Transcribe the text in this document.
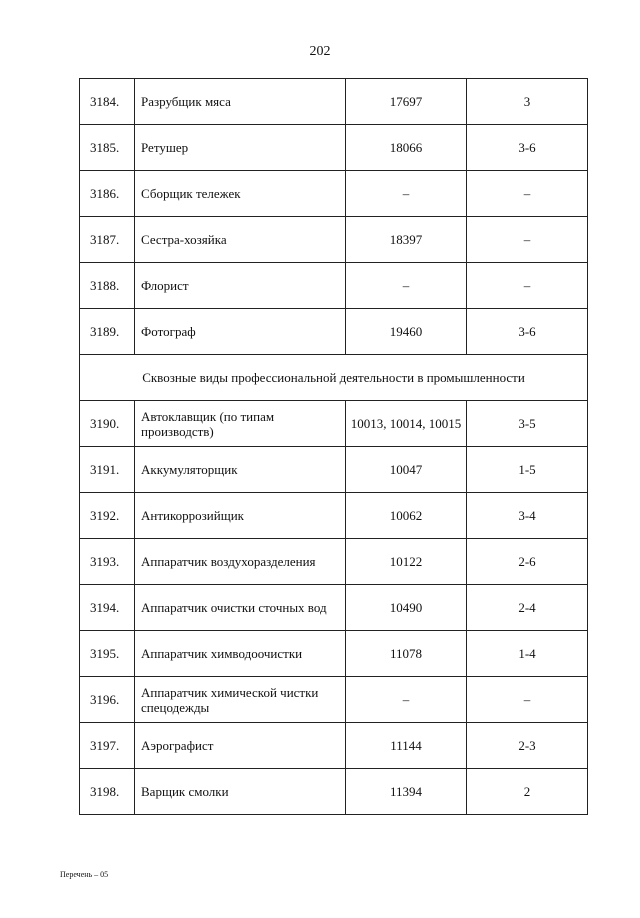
202
3184.	Разрубщик мяса	17697	3
3185.	Ретушер	18066	3-6
3186.	Сборщик тележек	–	–
3187.	Сестра-хозяйка	18397	–
3188.	Флорист	–	–
3189.	Фотограф	19460	3-6
Сквозные виды профессиональной деятельности в промышленности			
3190.	Автоклавщик (по типам производств)	10013, 10014, 10015	3-5
3191.	Аккумуляторщик	10047	1-5
3192.	Антикоррозийщик	10062	3-4
3193.	Аппаратчик воздухоразделения	10122	2-6
3194.	Аппаратчик очистки сточных вод	10490	2-4
3195.	Аппаратчик химводоочистки	11078	1-4
3196.	Аппаратчик химической чистки спецодежды	–	–
3197.	Аэрографист	11144	2-3
3198.	Варщик смолки	11394	2
Перечень – 05
